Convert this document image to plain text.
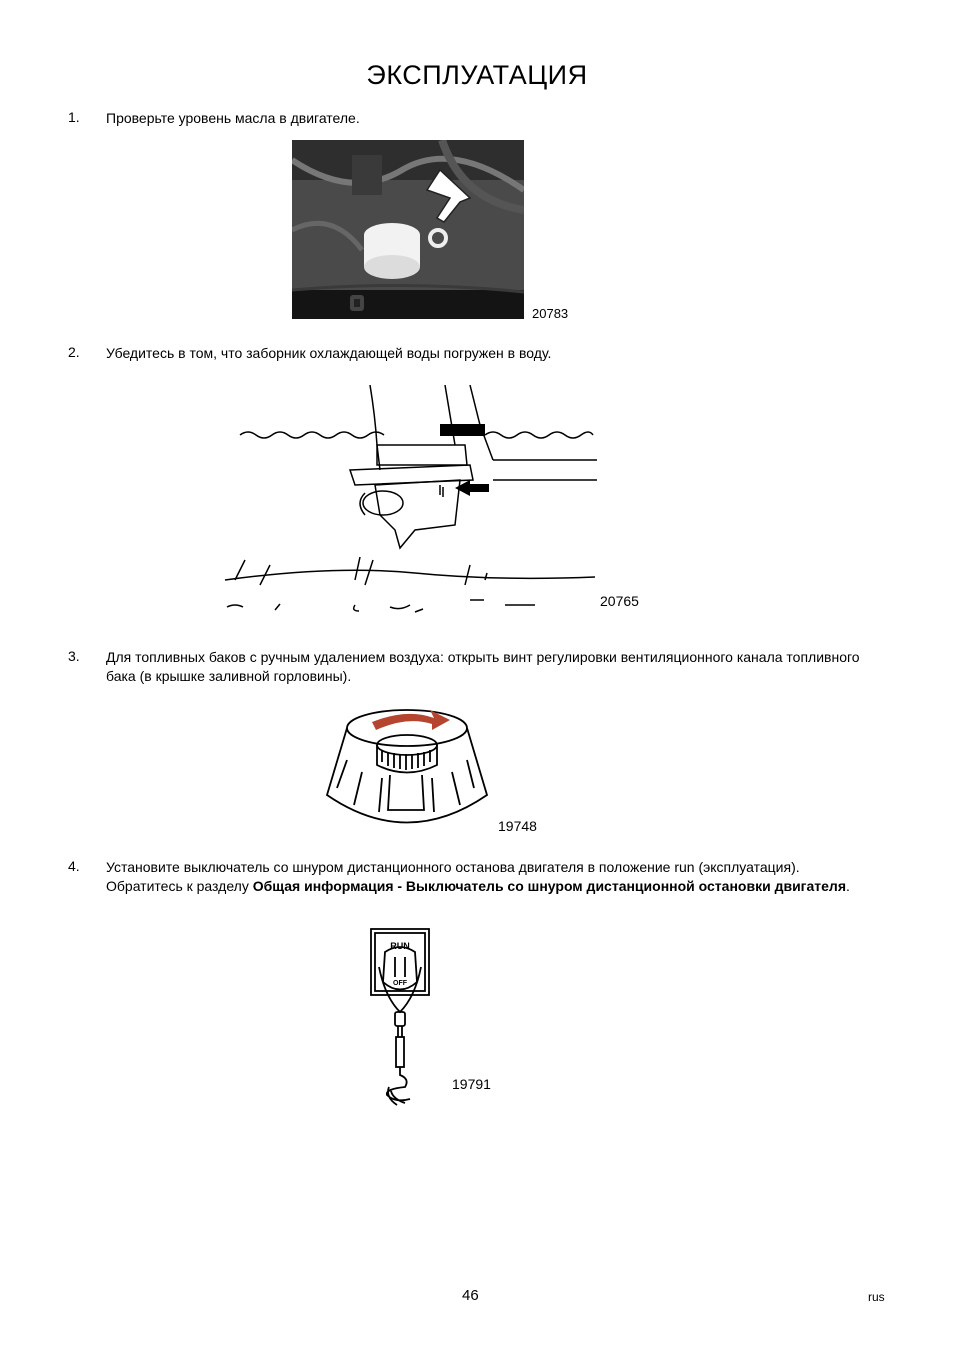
ЭКСПЛУАТАЦИЯ
1. Проверьте уровень масла в двигателе.
20783
2. Убедитесь в том, что заборник охлаждающей воды погружен в воду.
20765
3. Для топливных баков с ручным удалением воздуха: открыть винт регулировки вентиляционного канала топливного бака (в крышке заливной горловины).
19748
4. Установите выключатель со шнуром дистанционного останова двигателя в положение run (эксплуатация). Обратитесь к разделу Общая информация - Выключатель со шнуром дистанционной остановки двигателя.
RUN
OFF
19791
46	rus
